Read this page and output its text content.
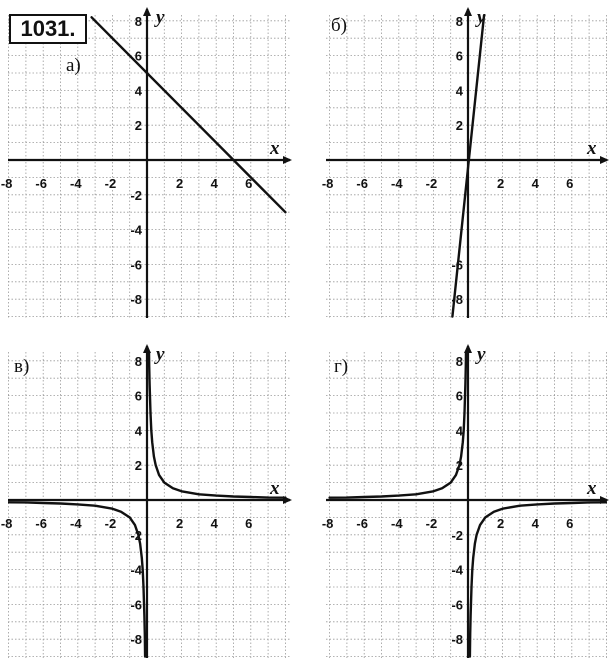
-8 -6 -4 -2	2 4 6
8
6
4
2
-2
-4
-6
-8
x
y
а)
-8 -6 -4 -2	2 4 6
8
6
4
2
-6
-8
x
y
б)
-8 -6 -4 -2	2 4 6
8
6
4
2
-2
-4
-6
-8
x
y
в)
-8 -6 -4 -2	2 4 6
8
6
4
2
-2
-4
-6
-8
x
y
г)
1031.
